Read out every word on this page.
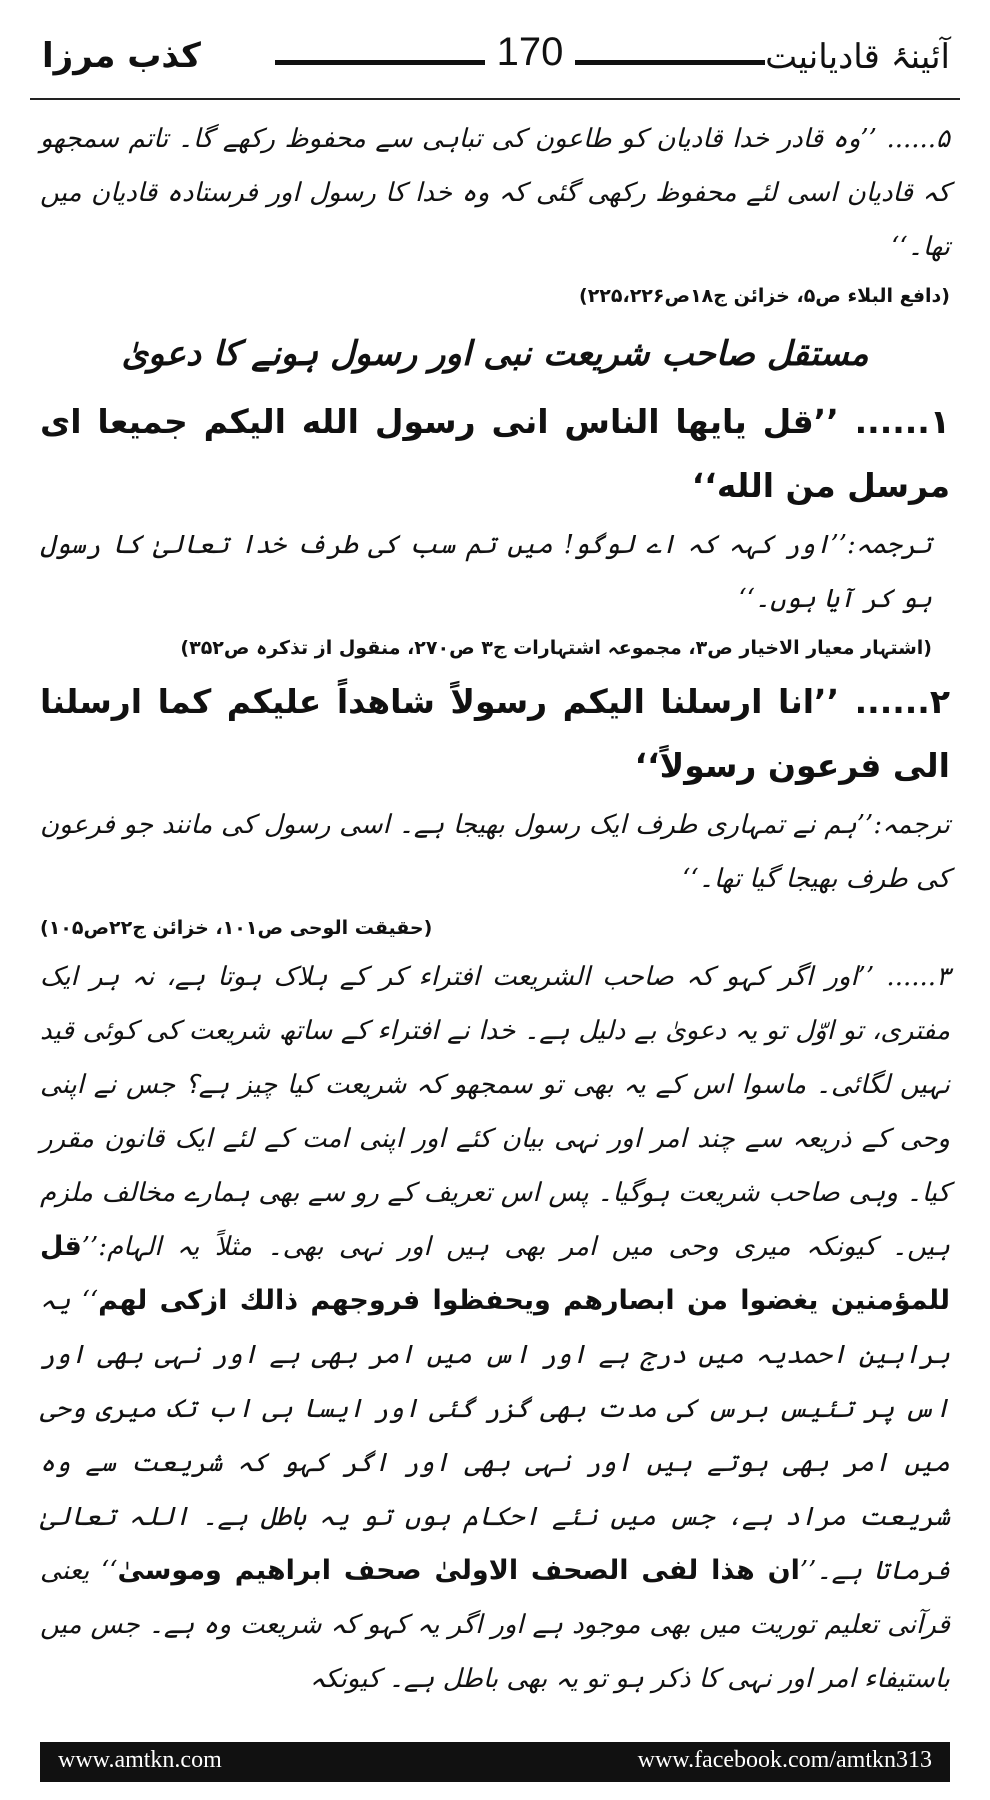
آئینۂ قادیانیت
170
کذب مرزا

۵...... ’’وہ قادر خدا قادیان کو طاعون کی تباہی سے محفوظ رکھے گا۔ تاتم سمجھو کہ قادیان اسی لئے محفوظ رکھی گئی کہ وہ خدا کا رسول اور فرستادہ قادیان میں تھا۔‘‘

(دافع البلاء ص۵، خزائن ج۱۸ص۲۲۵،۲۲۶)

مستقل صاحب شریعت نبی اور رسول ہونے کا دعویٰ

۱...... ’’قل یایها الناس انی رسول الله الیکم جمیعا ای مرسل من الله‘‘

ترجمہ:’’اور کہہ کہ اے لوگو! میں تم سب کی طرف خدا تعالیٰ کا رسول ہو کر آیا ہوں۔‘‘

(اشتہار معیار الاخیار ص۳، مجموعہ اشتہارات ج۳ ص۲۷۰، منقول از تذکرہ ص۳۵۲)

۲...... ’’انا ارسلنا الیکم رسولاً شاهداً علیکم کما ارسلنا الی فرعون رسولاً‘‘

ترجمہ:’’ہم نے تمہاری طرف ایک رسول بھیجا ہے۔ اسی رسول کی مانند جو فرعون کی طرف بھیجا گیا تھا۔‘‘

(حقیقت الوحی ص۱۰۱، خزائن ج۲۲ص۱۰۵)

۳...... ’’اور اگر کہو کہ صاحب الشریعت افتراء کر کے ہلاک ہوتا ہے، نہ ہر ایک مفتری، تو اوّل تو یہ دعویٰ بے دلیل ہے۔ خدا نے افتراء کے ساتھ شریعت کی کوئی قید نہیں لگائی۔ ماسوا اس کے یہ بھی تو سمجھو کہ شریعت کیا چیز ہے؟ جس نے اپنی وحی کے ذریعہ سے چند امر اور نہی بیان کئے اور اپنی امت کے لئے ایک قانون مقرر کیا۔ وہی صاحب شریعت ہوگیا۔ پس اس تعریف کے رو سے بھی ہمارے مخالف ملزم ہیں۔ کیونکہ میری وحی میں امر بھی ہیں اور نہی بھی۔ مثلاً یہ الہام:’’قل للمؤمنین یغضوا من ابصارهم ویحفظوا فروجهم ذالك ازكی لهم‘‘ یہ براہین احمدیہ میں درج ہے اور اس میں امر بھی ہے اور نہی بھی اور اس پر تئیس برس کی مدت بھی گزر گئی اور ایسا ہی اب تک میری وحی میں امر بھی ہوتے ہیں اور نہی بھی اور اگر کہو کہ شریعت سے وہ شریعت مراد ہے، جس میں نئے احکام ہوں تو یہ باطل ہے۔ اللہ تعالیٰ فرماتا ہے۔’’ان هذا لفی الصحف الاولیٰ صحف ابراهیم وموسیٰ‘‘ یعنی قرآنی تعلیم توریت میں بھی موجود ہے اور اگر یہ کہو کہ شریعت وہ ہے۔ جس میں باستیفاء امر اور نہی کا ذکر ہو تو یہ بھی باطل ہے۔ کیونکہ

www.amtkn.com	www.facebook.com/amtkn313
